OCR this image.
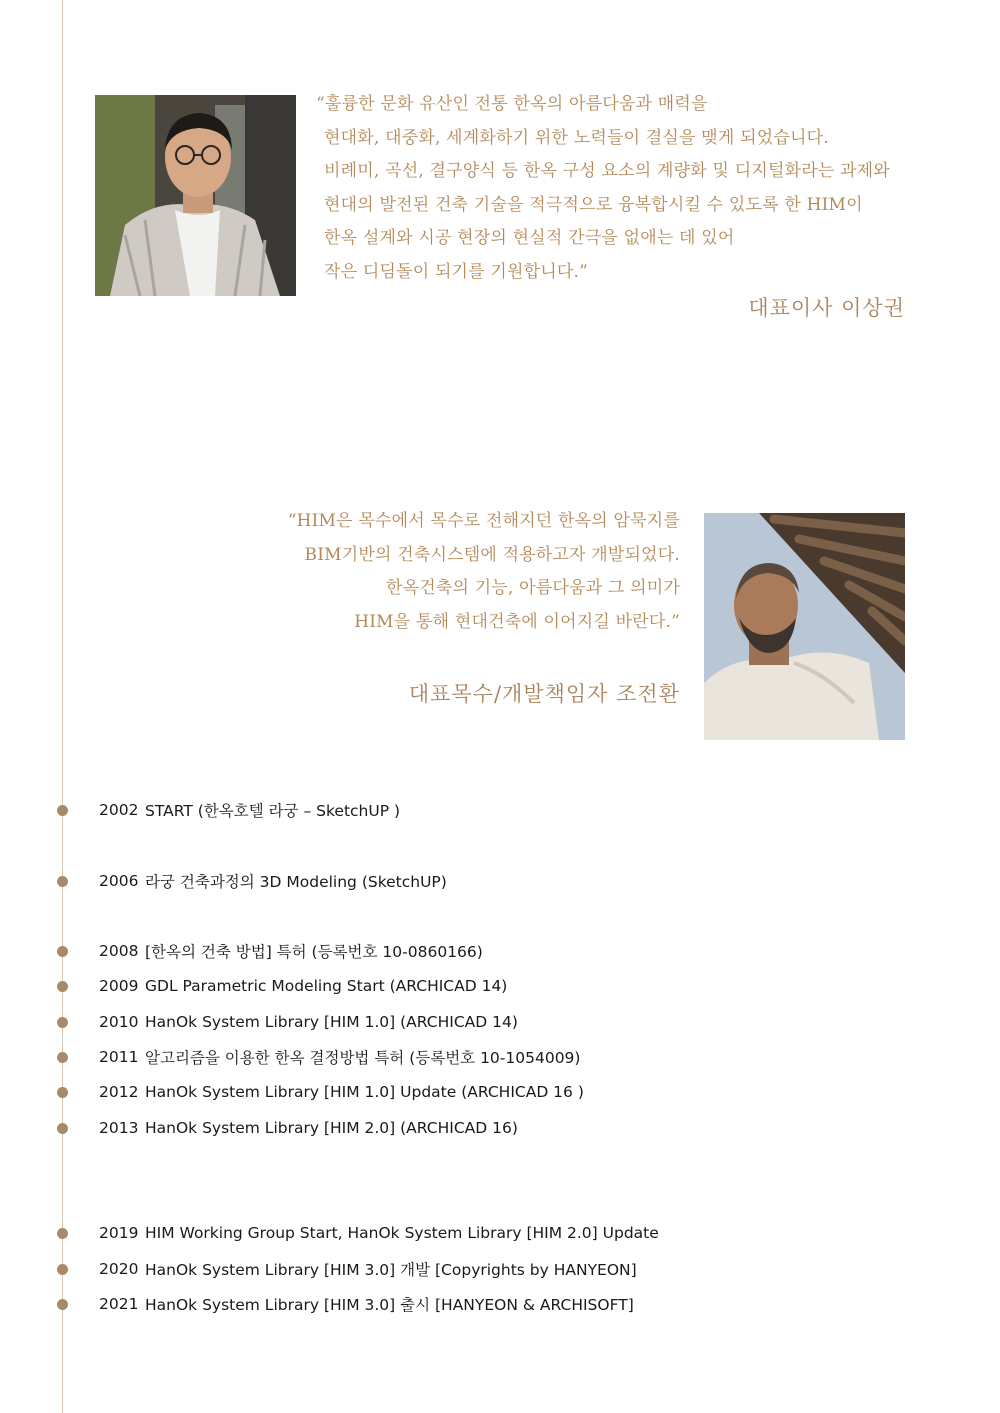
“훌륭한 문화 유산인 전통 한옥의 아름다움과 매력을
현대화, 대중화, 세계화하기 위한 노력들이 결실을 맺게 되었습니다.
비례미, 곡선, 결구양식 등 한옥 구성 요소의 계량화 및 디지털화라는 과제와
현대의 발전된 건축 기술을 적극적으로 융복합시킬 수 있도록 한 HIM이
한옥 설계와 시공 현장의 현실적 간극을 없애는 데 있어
작은 디딤돌이 되기를 기원합니다.”
대표이사 이상권
“HIM은 목수에서 목수로 전해지던 한옥의 암묵지를
BIM기반의 건축시스템에 적용하고자 개발되었다.
한옥건축의 기능, 아름다움과 그 의미가
HIM을 통해 현대건축에 이어지길 바란다.”
대표목수/개발책임자 조전환
2002 START (한옥호텔 라궁 – SketchUP )
2006 라궁 건축과정의 3D Modeling (SketchUP)
2008 [한옥의 건축 방법] 특허 (등록번호 10-0860166)
2009 GDL Parametric Modeling Start (ARCHICAD 14)
2010 HanOk System Library [HIM 1.0] (ARCHICAD 14)
2011 알고리즘을 이용한 한옥 결정방법 특허 (등록번호 10-1054009)
2012 HanOk System Library [HIM 1.0] Update (ARCHICAD 16 )
2013 HanOk System Library [HIM 2.0] (ARCHICAD 16)
2019 HIM Working Group Start, HanOk System Library [HIM 2.0] Update
2020 HanOk System Library [HIM 3.0] 개발 [Copyrights by HANYEON]
2021 HanOk System Library [HIM 3.0] 출시 [HANYEON & ARCHISOFT]
